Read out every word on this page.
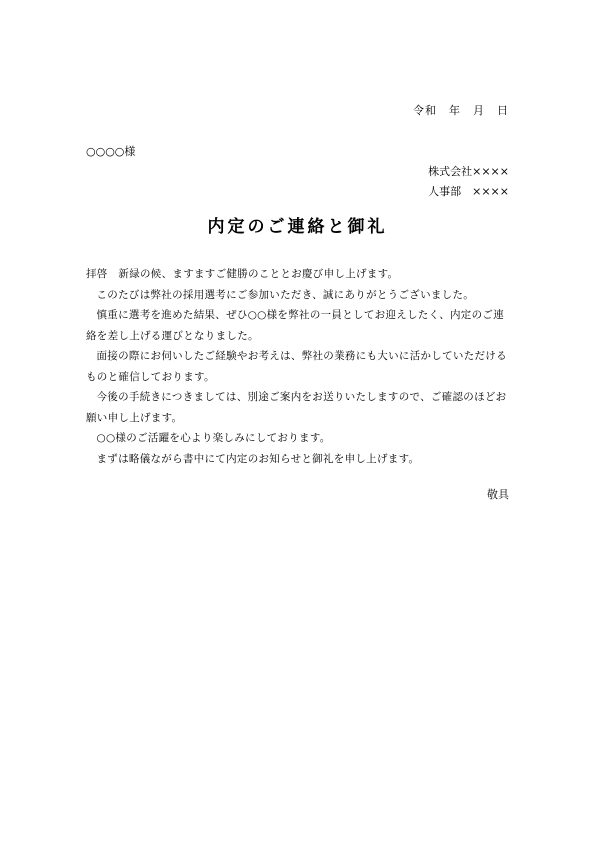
令和　年　月　日
○○○○様
株式会社××××
人事部　××××
内定のご連絡と御礼

拝啓　新緑の候、ますますご健勝のこととお慶び申し上げます。

このたびは弊社の採用選考にご参加いただき、誠にありがとうございました。

慎重に選考を進めた結果、ぜひ○○様を弊社の一員としてお迎えしたく、内定のご連絡を差し上げる運びとなりました。

面接の際にお伺いしたご経験やお考えは、弊社の業務にも大いに活かしていただけるものと確信しております。

今後の手続きにつきましては、別途ご案内をお送りいたしますので、ご確認のほどお願い申し上げます。

○○様のご活躍を心より楽しみにしております。

まずは略儀ながら書中にて内定のお知らせと御礼を申し上げます。

敬具
